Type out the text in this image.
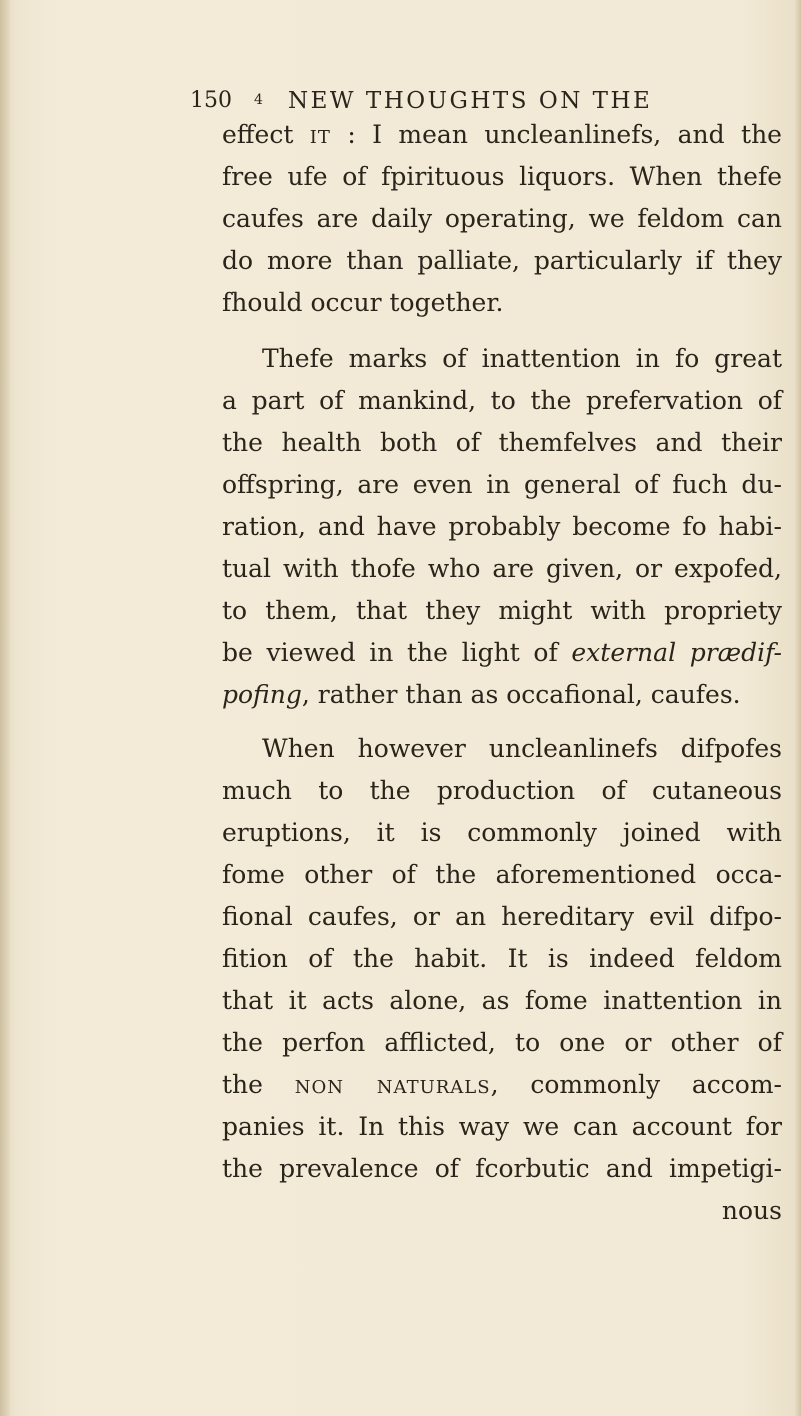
150 4 NEW THOUGHTS ON THE
effect it : I mean uncleanlinefs, and the
free ufe of fpirituous liquors. When thefe
caufes are daily operating, we feldom can
do more than palliate, particularly if they
fhould occur together.
Thefe marks of inattention in fo great
a part of mankind, to the prefervation of
the health both of themfelves and their
offspring, are even in general of fuch du-
ration, and have probably become fo habi-
tual with thofe who are given, or expofed,
to them, that they might with propriety
be viewed in the light of external prædif-
pofing, rather than as occafional, caufes.
When however uncleanlinefs difpofes
much to the production of cutaneous
eruptions, it is commonly joined with
fome other of the aforementioned occa-
fional caufes, or an hereditary evil difpo-
fition of the habit. It is indeed feldom
that it acts alone, as fome inattention in
the perfon afflicted, to one or other of
the non naturals, commonly accom-
panies it. In this way we can account for
the prevalence of fcorbutic and impetigi-
nous
